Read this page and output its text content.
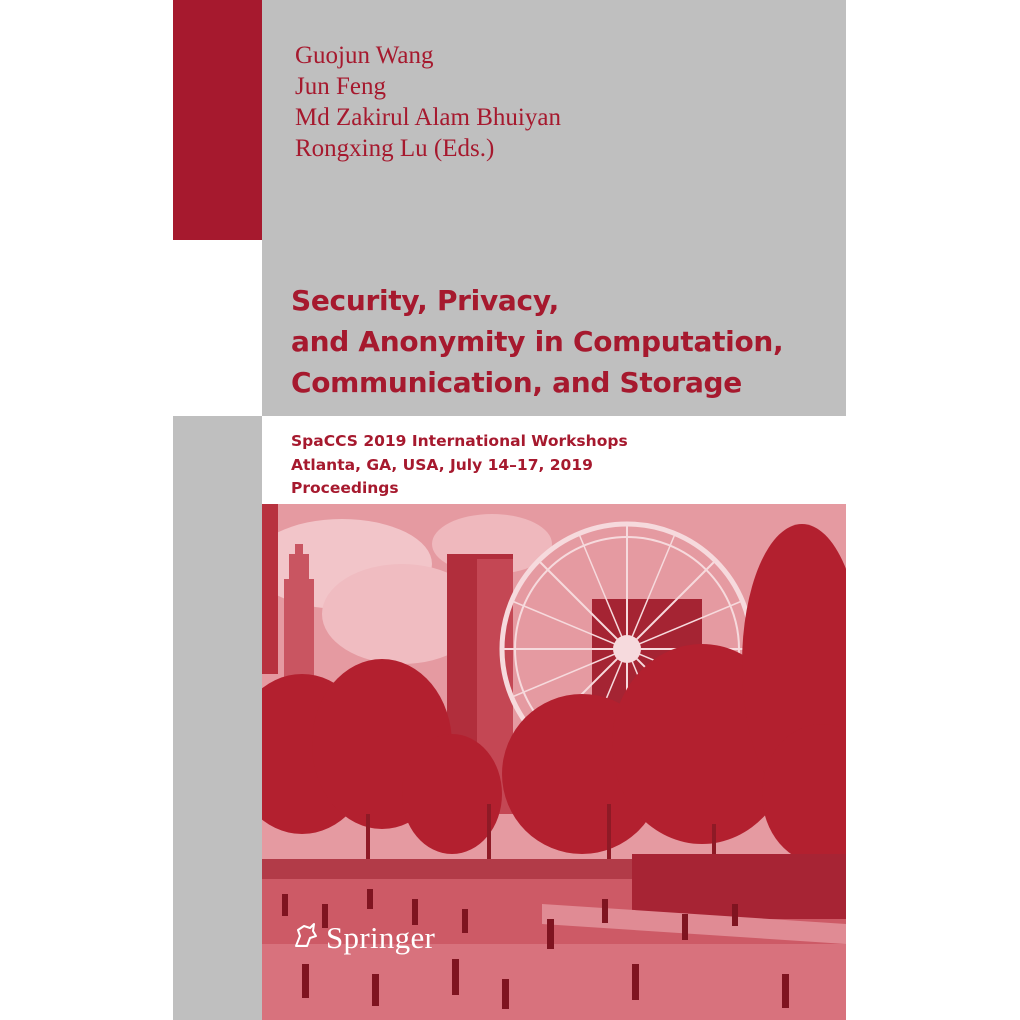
Guojun Wang
Jun Feng
Md Zakirul Alam Bhuiyan
Rongxing Lu (Eds.)
Security, Privacy,
and Anonymity in Computation,
Communication, and Storage
SpaCCS 2019 International Workshops
Atlanta, GA, USA, July 14–17, 2019
Proceedings
Springer
